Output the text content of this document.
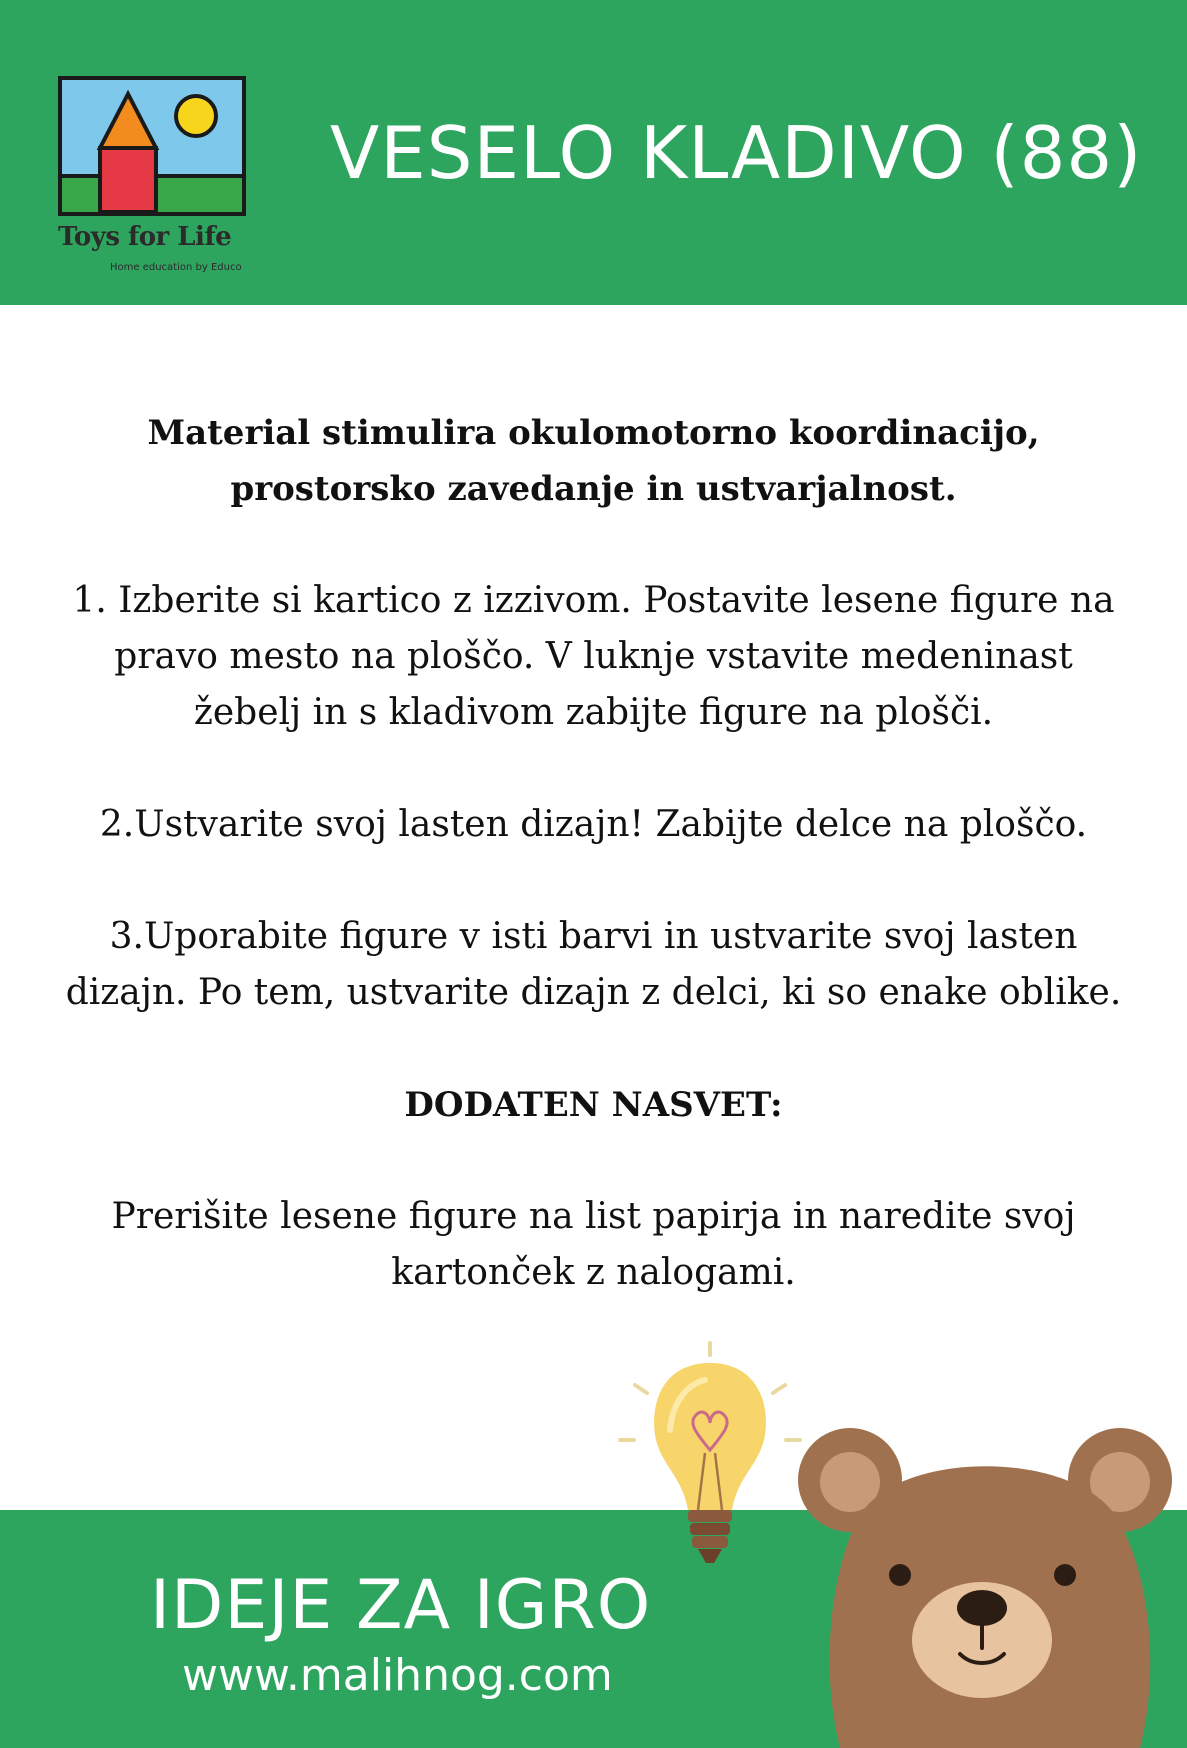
Toys for Life
Home education by Educo
VESELO KLADIVO (88)

Material stimulira okulomotorno koordinacijo, prostorsko zavedanje in ustvarjalnost.

1. Izberite si kartico z izzivom. Postavite lesene figure na pravo mesto na ploščo. V luknje vstavite medeninast žebelj in s kladivom zabijte figure na plošči.

2.Ustvarite svoj lasten dizajn! Zabijte delce na ploščo.

3.Uporabite figure v isti barvi in ustvarite svoj lasten dizajn. Po tem, ustvarite dizajn z delci, ki so enake oblike.

DODATEN NASVET:

Prerišite lesene figure na list papirja in naredite svoj kartonček z nalogami.

IDEJE ZA IGRO
www.malihnog.com
